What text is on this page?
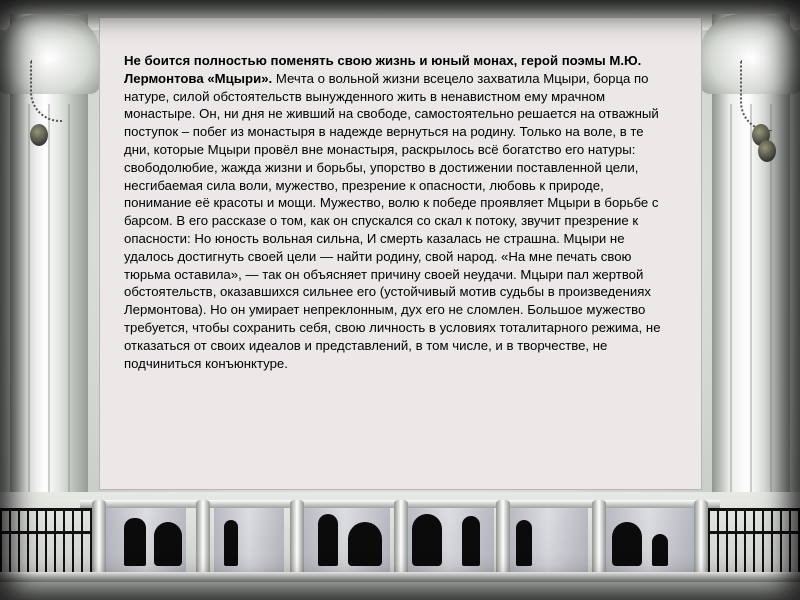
Не боится полностью поменять свою жизнь и юный монах, герой поэмы М.Ю. Лермонтова «Мцыри». Мечта о вольной жизни всецело захватила Мцыри, борца по натуре, силой обстоятельств вынужденного жить в ненавистном ему мрачном монастыре. Он, ни дня не живший на свободе, самостоятельно решается на отважный поступок – побег из монастыря в надежде вернуться на родину. Только на воле, в те дни, которые Мцыри провёл вне монастыря, раскрылось всё богатство его натуры: свободолюбие, жажда жизни и борьбы, упорство в достижении поставленной цели, несгибаемая сила воли, мужество, презрение к опасности, любовь к природе, понимание её красоты и мощи. Мужество, волю к победе проявляет Мцыри в борьбе с барсом. В его рассказе о том, как он спускался со скал к потоку, звучит презрение к опасности: Но юность вольная сильна, И смерть казалась не страшна. Мцыри не удалось достигнуть своей цели — найти родину, свой народ. «На мне печать свою тюрьма оставила», — так он объясняет причину своей неудачи. Мцыри пал жертвой обстоятельств, оказавшихся сильнее его (устойчивый мотив судьбы в произведениях Лермонтова). Но он умирает непреклонным, дух его не сломлен. Большое мужество требуется, чтобы сохранить себя, свою личность в условиях тоталитарного режима, не отказаться от своих идеалов и представлений, в том числе, и в творчестве, не подчиниться конъюнктуре.
